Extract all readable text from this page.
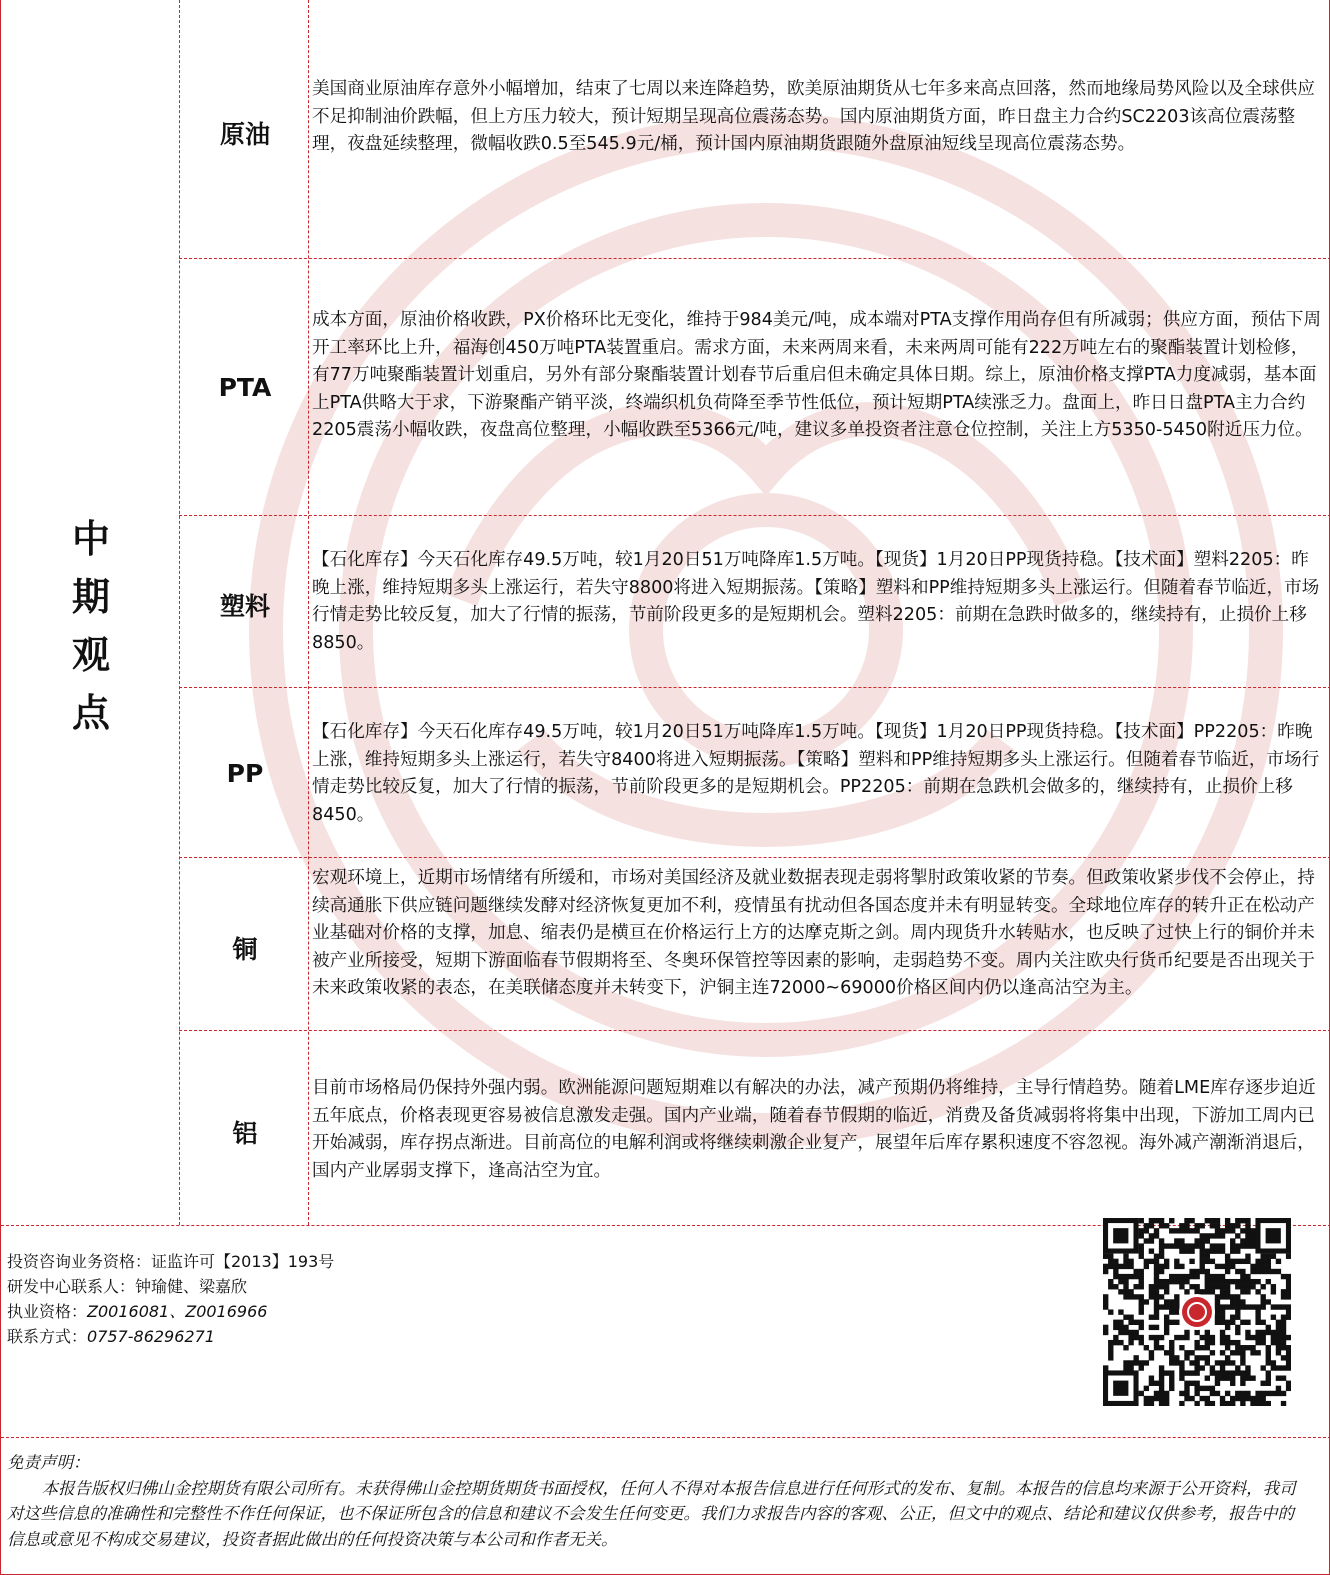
中
期
观
点
原油
美国商业原油库存意外小幅增加，结束了七周以来连降趋势，欧美原油期货从七年多来高点回落，然而地缘局势风险以及全球供应不足抑制油价跌幅，但上方压力较大，预计短期呈现高位震荡态势。国内原油期货方面，昨日盘主力合约SC2203该高位震荡整理，夜盘延续整理，微幅收跌0.5至545.9元/桶，预计国内原油期货跟随外盘原油短线呈现高位震荡态势。
PTA
成本方面，原油价格收跌，PX价格环比无变化，维持于984美元/吨，成本端对PTA支撑作用尚存但有所减弱；供应方面，预估下周开工率环比上升，福海创450万吨PTA装置重启。需求方面，未来两周来看，未来两周可能有222万吨左右的聚酯装置计划检修，有77万吨聚酯装置计划重启，另外有部分聚酯装置计划春节后重启但未确定具体日期。综上，原油价格支撑PTA力度减弱，基本面上PTA供略大于求，下游聚酯产销平淡，终端织机负荷降至季节性低位，预计短期PTA续涨乏力。盘面上，昨日日盘PTA主力合约2205震荡小幅收跌，夜盘高位整理，小幅收跌至5366元/吨，建议多单投资者注意仓位控制，关注上方5350-5450附近压力位。
塑料
【石化库存】今天石化库存49.5万吨，较1月20日51万吨降库1.5万吨。【现货】1月20日PP现货持稳。【技术面】塑料2205：昨晚上涨，维持短期多头上涨运行，若失守8800将进入短期振荡。【策略】塑料和PP维持短期多头上涨运行。但随着春节临近，市场行情走势比较反复，加大了行情的振荡，节前阶段更多的是短期机会。塑料2205：前期在急跌时做多的，继续持有，止损价上移8850。
PP
【石化库存】今天石化库存49.5万吨，较1月20日51万吨降库1.5万吨。【现货】1月20日PP现货持稳。【技术面】PP2205：昨晚上涨，维持短期多头上涨运行，若失守8400将进入短期振荡。【策略】塑料和PP维持短期多头上涨运行。但随着春节临近，市场行情走势比较反复，加大了行情的振荡，节前阶段更多的是短期机会。PP2205：前期在急跌机会做多的，继续持有，止损价上移8450。
铜
宏观环境上，近期市场情绪有所缓和，市场对美国经济及就业数据表现走弱将掣肘政策收紧的节奏。但政策收紧步伐不会停止，持续高通胀下供应链问题继续发酵对经济恢复更加不利，疫情虽有扰动但各国态度并未有明显转变。全球地位库存的转升正在松动产业基础对价格的支撑，加息、缩表仍是横亘在价格运行上方的达摩克斯之剑。周内现货升水转贴水，也反映了过快上行的铜价并未被产业所接受，短期下游面临春节假期将至、冬奥环保管控等因素的影响，走弱趋势不变。周内关注欧央行货币纪要是否出现关于未来政策收紧的表态，在美联储态度并未转变下，沪铜主连72000~69000价格区间内仍以逢高沽空为主。
铝
目前市场格局仍保持外强内弱。欧洲能源问题短期难以有解决的办法，减产预期仍将维持，主导行情趋势。随着LME库存逐步迫近五年底点，价格表现更容易被信息激发走强。国内产业端，随着春节假期的临近，消费及备货减弱将将集中出现，下游加工周内已开始减弱，库存拐点渐进。目前高位的电解利润或将继续刺激企业复产，展望年后库存累积速度不容忽视。海外减产潮渐消退后，国内产业孱弱支撑下，逢高沽空为宜。
投资咨询业务资格：证监许可【2013】193号
研发中心联系人：钟瑜健、梁嘉欣
执业资格：Z0016081、Z0016966
联系方式：0757-86296271

免责声明：

本报告版权归佛山金控期货有限公司所有。未获得佛山金控期货期货书面授权，任何人不得对本报告信息进行任何形式的发布、复制。本报告的信息均来源于公开资料，我司对这些信息的准确性和完整性不作任何保证，也不保证所包含的信息和建议不会发生任何变更。我们力求报告内容的客观、公正，但文中的观点、结论和建议仅供参考，报告中的信息或意见不构成交易建议，投资者据此做出的任何投资决策与本公司和作者无关。
